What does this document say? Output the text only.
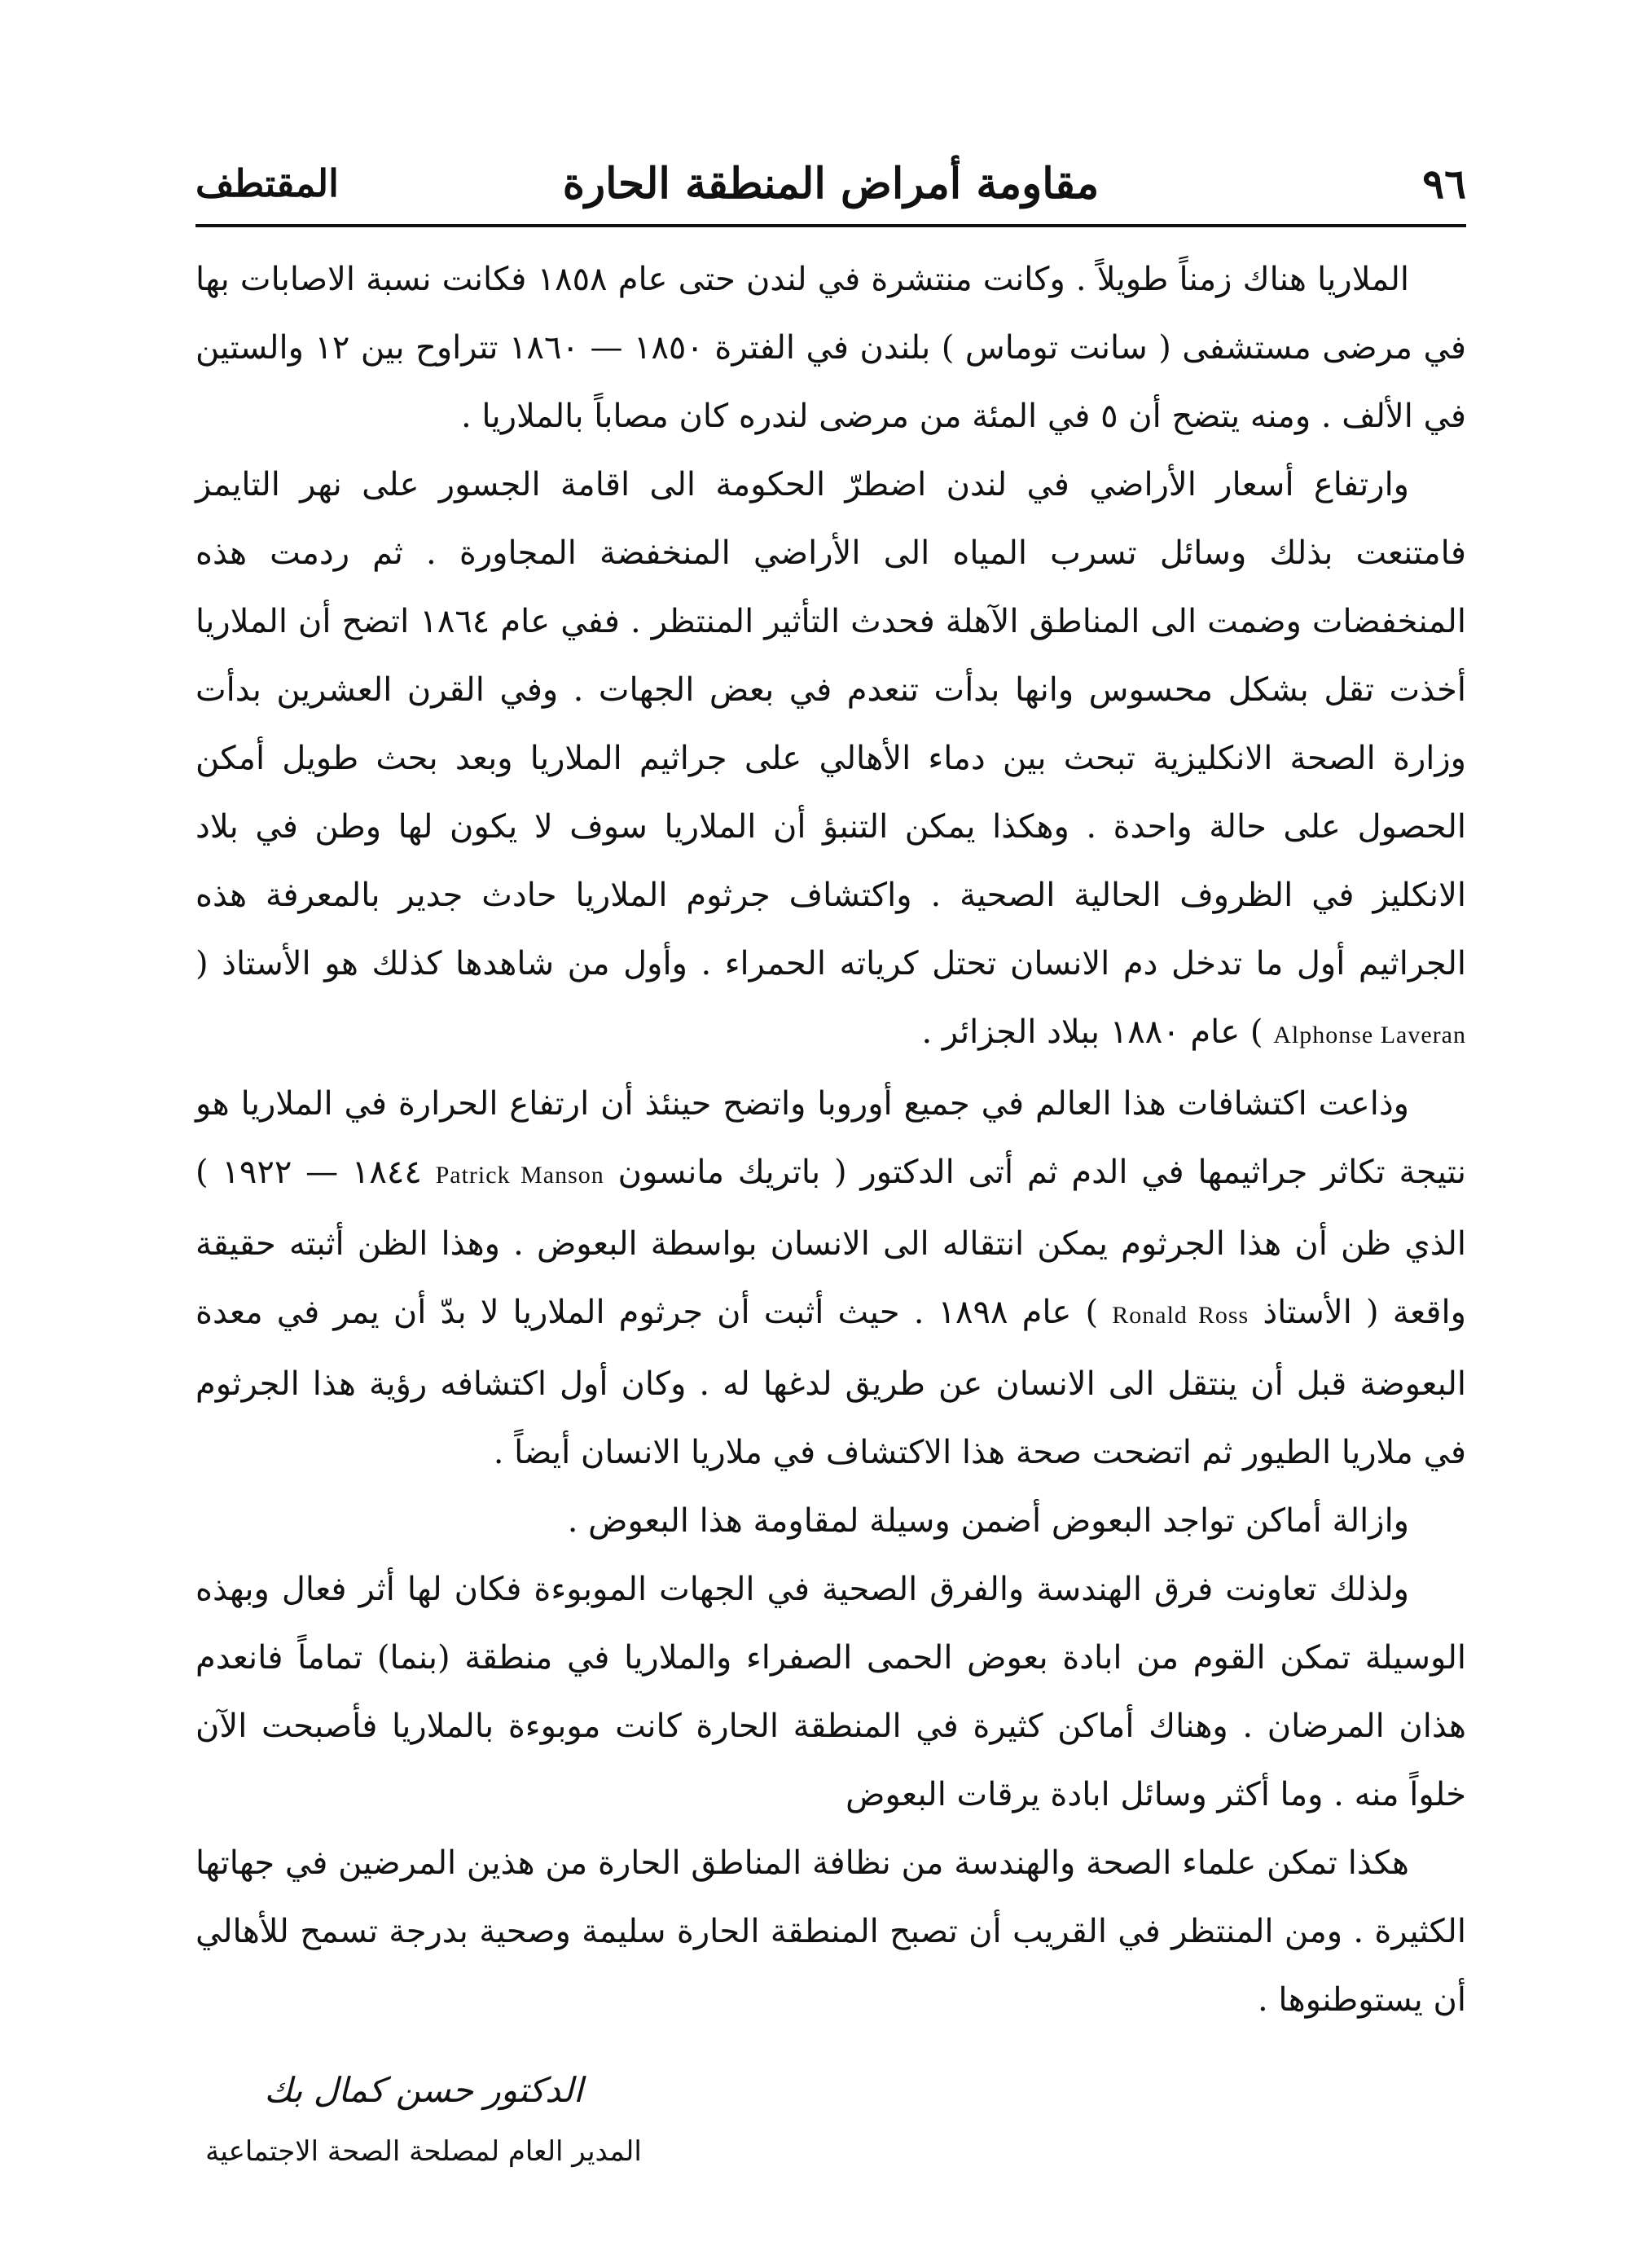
٩٦
مقاومة أمراض المنطقة الحارة
المقتطف

الملاريا هناك زمناً طويلاً . وكانت منتشرة في لندن حتى عام ١٨٥٨ فكانت نسبة الاصابات بها في مرضى مستشفى ( سانت توماس ) بلندن في الفترة ١٨٥٠ — ١٨٦٠ تتراوح بين ١٢ والستين في الألف . ومنه يتضح أن ٥ في المئة من مرضى لندره كان مصاباً بالملاريا .

وارتفاع أسعار الأراضي في لندن اضطرّ الحكومة الى اقامة الجسور على نهر التايمز فامتنعت بذلك وسائل تسرب المياه الى الأراضي المنخفضة المجاورة . ثم ردمت هذه المنخفضات وضمت الى المناطق الآهلة فحدث التأثير المنتظر . ففي عام ١٨٦٤ اتضح أن الملاريا أخذت تقل بشكل محسوس وانها بدأت تنعدم في بعض الجهات . وفي القرن العشرين بدأت وزارة الصحة الانكليزية تبحث بين دماء الأهالي على جراثيم الملاريا وبعد بحث طويل أمكن الحصول على حالة واحدة . وهكذا يمكن التنبؤ أن الملاريا سوف لا يكون لها وطن في بلاد الانكليز في الظروف الحالية الصحية . واكتشاف جرثوم الملاريا حادث جدير بالمعرفة هذه الجراثيم أول ما تدخل دم الانسان تحتل كرياته الحمراء . وأول من شاهدها كذلك هو الأستاذ ( Alphonse Laveran ) عام ١٨٨٠ ببلاد الجزائر .

وذاعت اكتشافات هذا العالم في جميع أوروبا واتضح حينئذ أن ارتفاع الحرارة في الملاريا هو نتيجة تكاثر جراثيمها في الدم ثم أتى الدكتور ( باتريك مانسون Patrick Manson ١٨٤٤ — ١٩٢٢ ) الذي ظن أن هذا الجرثوم يمكن انتقاله الى الانسان بواسطة البعوض . وهذا الظن أثبته حقيقة واقعة ( الأستاذ Ronald Ross ) عام ١٨٩٨ . حيث أثبت أن جرثوم الملاريا لا بدّ أن يمر في معدة البعوضة قبل أن ينتقل الى الانسان عن طريق لدغها له . وكان أول اكتشافه رؤية هذا الجرثوم في ملاريا الطيور ثم اتضحت صحة هذا الاكتشاف في ملاريا الانسان أيضاً .

وازالة أماكن تواجد البعوض أضمن وسيلة لمقاومة هذا البعوض .

ولذلك تعاونت فرق الهندسة والفرق الصحية في الجهات الموبوءة فكان لها أثر فعال وبهذه الوسيلة تمكن القوم من ابادة بعوض الحمى الصفراء والملاريا في منطقة (بنما) تماماً فانعدم هذان المرضان . وهناك أماكن كثيرة في المنطقة الحارة كانت موبوءة بالملاريا فأصبحت الآن خلواً منه . وما أكثر وسائل ابادة يرقات البعوض

هكذا تمكن علماء الصحة والهندسة من نظافة المناطق الحارة من هذين المرضين في جهاتها الكثيرة . ومن المنتظر في القريب أن تصبح المنطقة الحارة سليمة وصحية بدرجة تسمح للأهالي أن يستوطنوها .

الدكتور حسن كمال بك
المدير العام لمصلحة الصحة الاجتماعية
